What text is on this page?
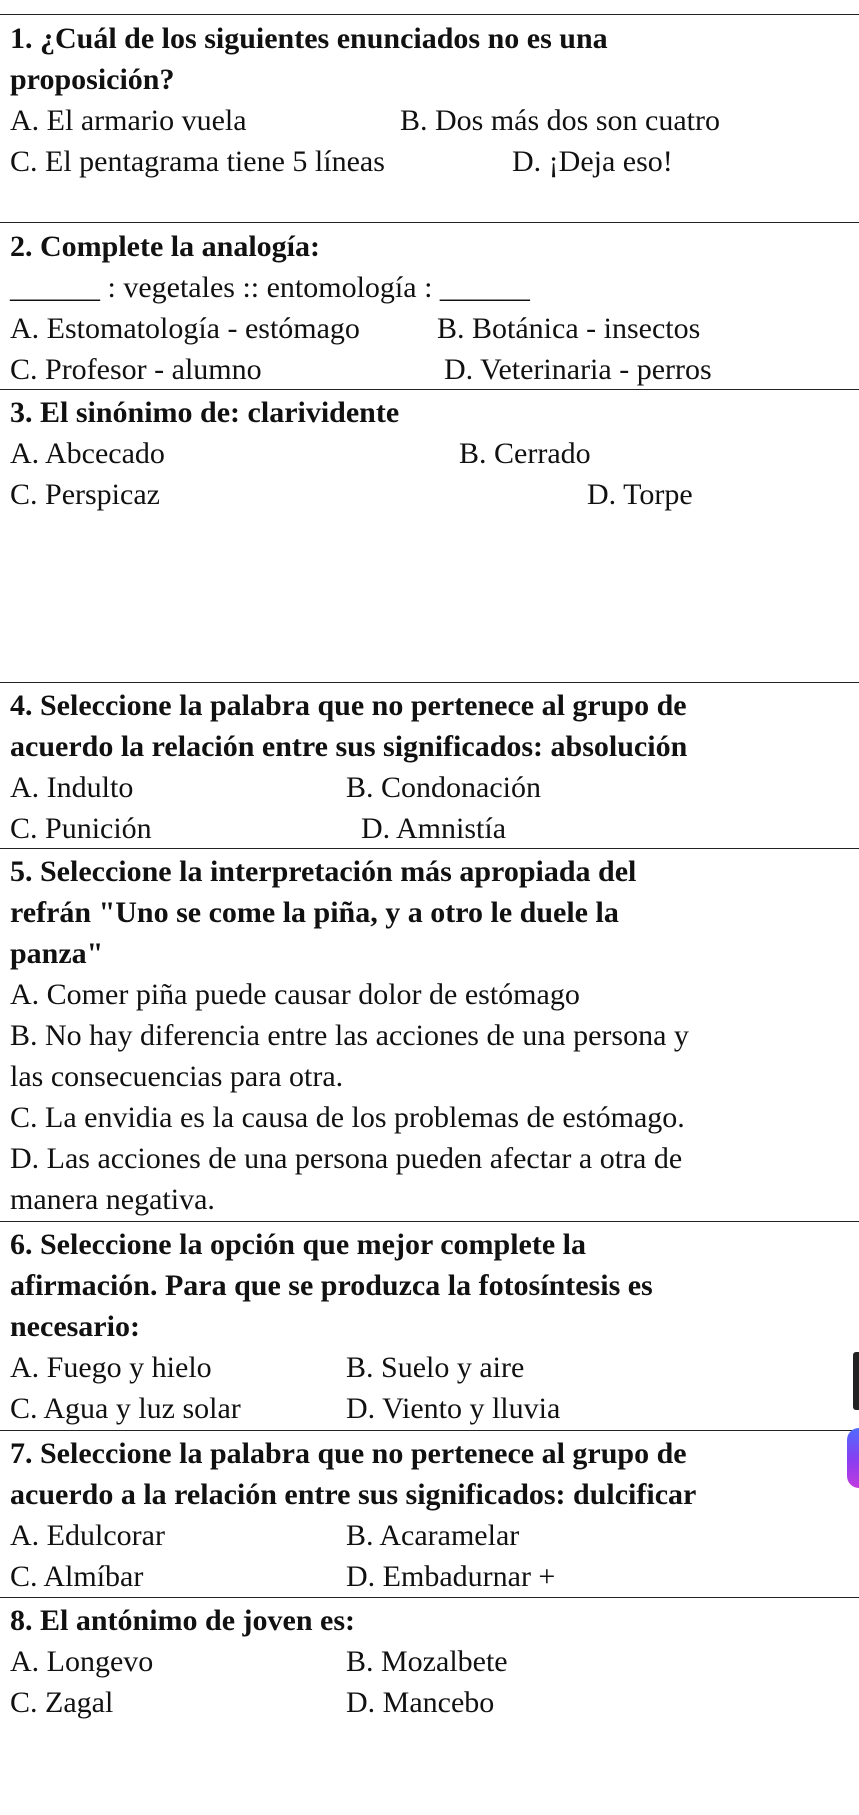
1. ¿Cuál de los siguientes enunciados no es una
proposición?
A. El armario vuela	B. Dos más dos son cuatro
C. El pentagrama tiene 5 líneas	D. ¡Deja eso!
2. Complete la analogía:
______ : vegetales :: entomología : ______
A. Estomatología - estómago	B. Botánica - insectos
C. Profesor - alumno	D. Veterinaria - perros
3. El sinónimo de: clarividente
A. Abcecado	B. Cerrado
C. Perspicaz	D. Torpe
4. Seleccione la palabra que no pertenece al grupo de
acuerdo la relación entre sus significados: absolución
A. Indulto	B. Condonación
C. Punición	D. Amnistía
5. Seleccione la interpretación más apropiada del
refrán "Uno se come la piña, y a otro le duele la
panza"
A. Comer piña puede causar dolor de estómago
B. No hay diferencia entre las acciones de una persona y
las consecuencias para otra.
C. La envidia es la causa de los problemas de estómago.
D. Las acciones de una persona pueden afectar a otra de
manera negativa.
6. Seleccione la opción que mejor complete la
afirmación. Para que se produzca la fotosíntesis es
necesario:
A. Fuego y hielo	B. Suelo y aire
C. Agua y luz solar	D. Viento y lluvia
7. Seleccione la palabra que no pertenece al grupo de
acuerdo a la relación entre sus significados: dulcificar
A. Edulcorar	B. Acaramelar
C. Almíbar	D. Embadurnar +
8. El antónimo de joven es:
A. Longevo	B. Mozalbete
C. Zagal	D. Mancebo
